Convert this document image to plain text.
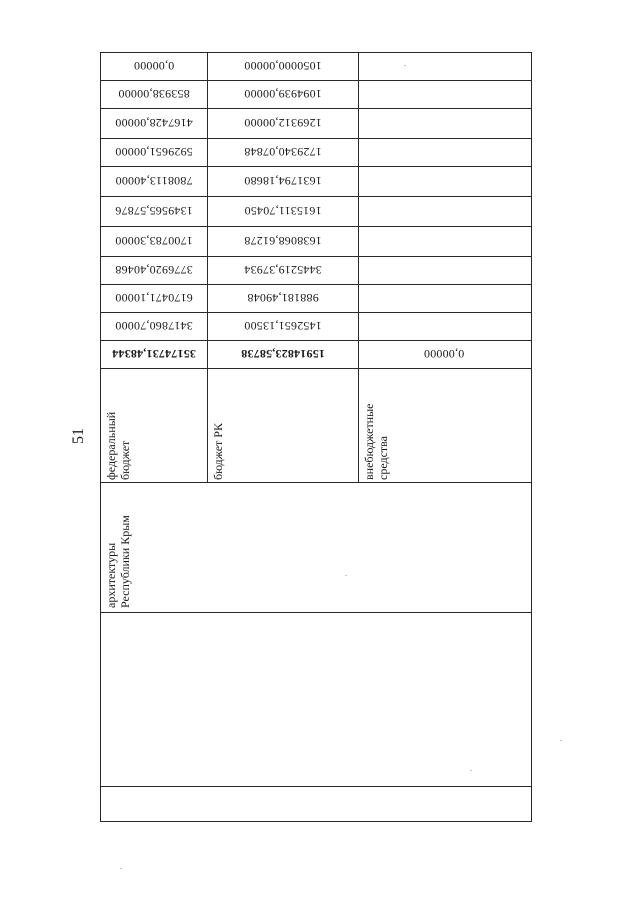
51
0,00000	1050000,00000
853938,00000	1094939,00000
4167428,00000	1269312,00000
5929651,00000	1729340,07848
7808113,40000	1631794,18680
1349565,57876	1615311,70450
1700783,30000	1638068,61278
3776920,40468	3445219,37934
6170471,10000	988181,49048
3417860,70000	1452651,13500
35174731,48344	15914823,58738	0,00000
федеральный бюджет	бюджет РК	внебюджетные средства
архитектуры Республики Крым
